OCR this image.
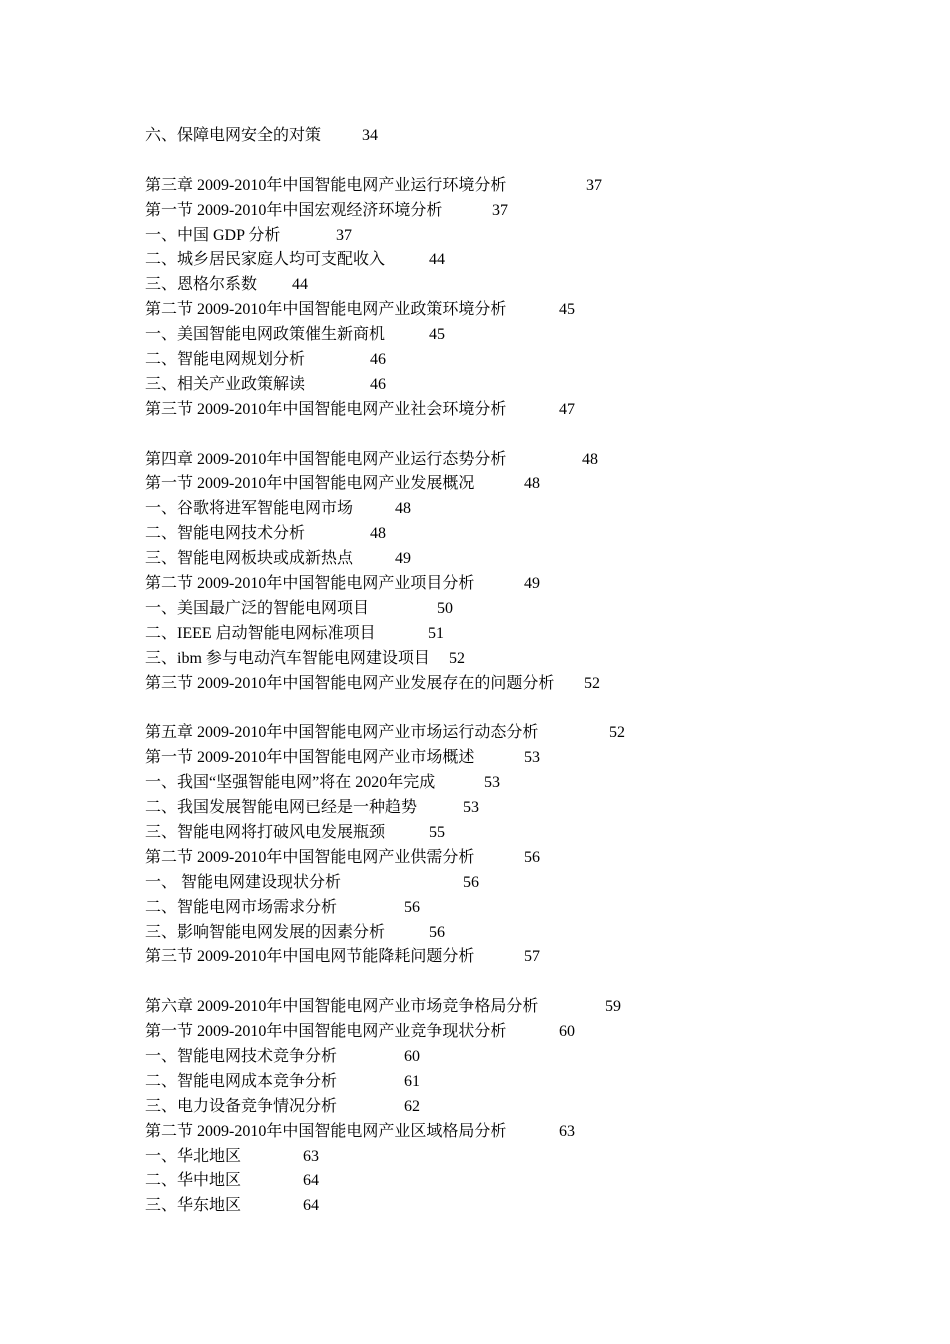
六、保障电网安全的对策	34
第三章 2009-2010年中国智能电网产业运行环境分析	37
第一节 2009-2010年中国宏观经济环境分析	37
一、中国 GDP 分析	37
二、城乡居民家庭人均可支配收入	44
三、恩格尔系数 44
第二节 2009-2010年中国智能电网产业政策环境分析	45
一、美国智能电网政策催生新商机	45
二、智能电网规划分析	46
三、相关产业政策解读	46
第三节 2009-2010年中国智能电网产业社会环境分析	47
第四章 2009-2010年中国智能电网产业运行态势分析	48
第一节 2009-2010年中国智能电网产业发展概况	48
一、谷歌将进军智能电网市场	48
二、智能电网技术分析	48
三、智能电网板块或成新热点	49
第二节 2009-2010年中国智能电网产业项目分析	49
一、美国最广泛的智能电网项目	50
二、IEEE 启动智能电网标准项目	51
三、ibm 参与电动汽车智能电网建设项目 52
第三节 2009-2010年中国智能电网产业发展存在的问题分析 52
第五章 2009-2010年中国智能电网产业市场运行动态分析	52
第一节 2009-2010年中国智能电网产业市场概述	53
一、我国“坚强智能电网”将在 2020年完成	53
二、我国发展智能电网已经是一种趋势	53
三、智能电网将打破风电发展瓶颈	55
第二节 2009-2010年中国智能电网产业供需分析	56
一、 智能电网建设现状分析	56
二、智能电网市场需求分析	56
三、影响智能电网发展的因素分析	56
第三节 2009-2010年中国电网节能降耗问题分析	57
第六章 2009-2010年中国智能电网产业市场竞争格局分析	59
第一节 2009-2010年中国智能电网产业竞争现状分析	60
一、智能电网技术竞争分析	60
二、智能电网成本竞争分析	61
三、电力设备竞争情况分析	62
第二节 2009-2010年中国智能电网产业区域格局分析	63
一、华北地区	63
二、华中地区	64
三、华东地区	64
